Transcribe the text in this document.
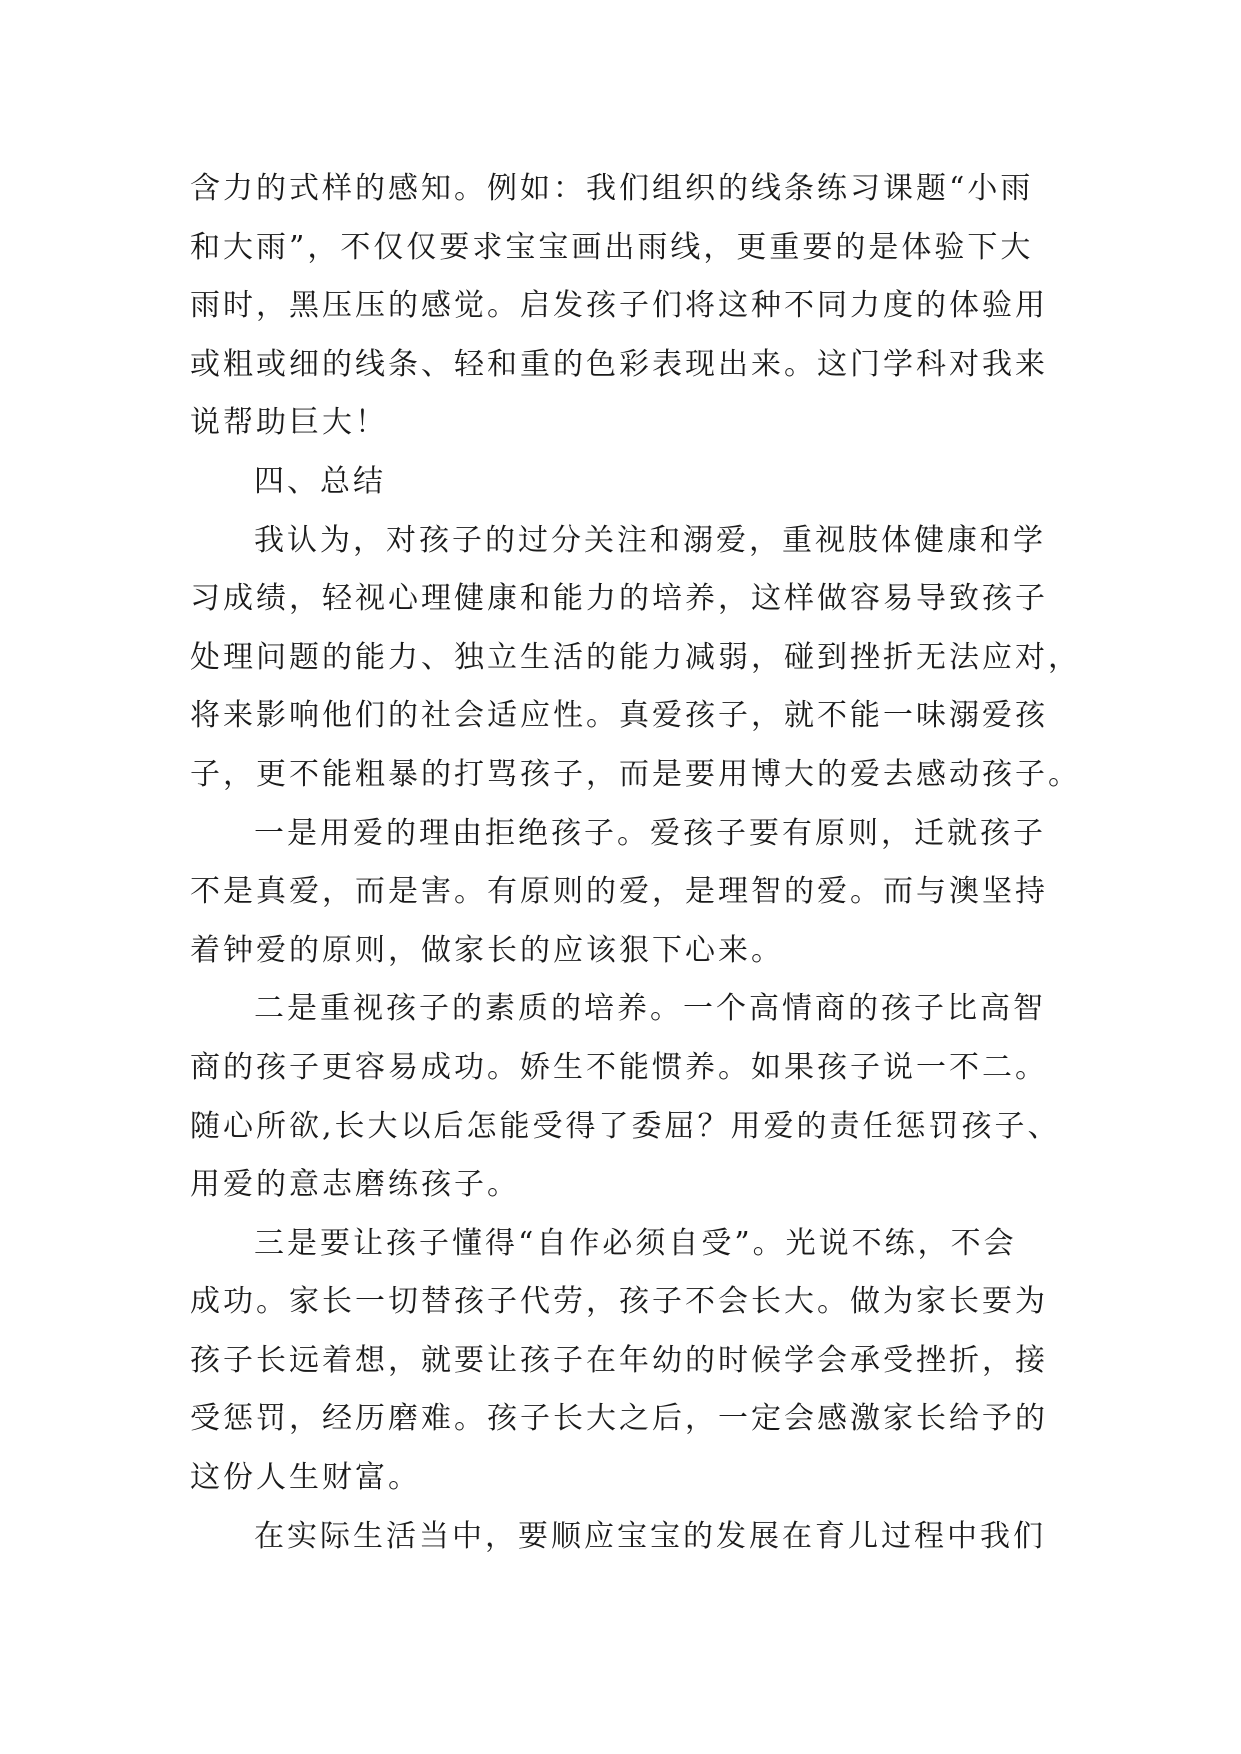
含力的式样的感知。例如：我们组织的线条练习课题“小雨
和大雨”，不仅仅要求宝宝画出雨线，更重要的是体验下大
雨时，黑压压的感觉。启发孩子们将这种不同力度的体验用
或粗或细的线条、轻和重的色彩表现出来。这门学科对我来
说帮助巨大！
四、总结
我认为，对孩子的过分关注和溺爱，重视肢体健康和学
习成绩，轻视心理健康和能力的培养，这样做容易导致孩子
处理问题的能力、独立生活的能力减弱，碰到挫折无法应对，
将来影响他们的社会适应性。真爱孩子，就不能一味溺爱孩
子，更不能粗暴的打骂孩子，而是要用博大的爱去感动孩子。
一是用爱的理由拒绝孩子。爱孩子要有原则，迁就孩子
不是真爱，而是害。有原则的爱，是理智的爱。而与澳坚持
着钟爱的原则，做家长的应该狠下心来。
二是重视孩子的素质的培养。一个高情商的孩子比高智
商的孩子更容易成功。娇生不能惯养。如果孩子说一不二。
随心所欲,长大以后怎能受得了委屈？用爱的责任惩罚孩子、
用爱的意志磨练孩子。
三是要让孩子懂得“自作必须自受”。光说不练，不会
成功。家长一切替孩子代劳，孩子不会长大。做为家长要为
孩子长远着想，就要让孩子在年幼的时候学会承受挫折，接
受惩罚，经历磨难。孩子长大之后，一定会感激家长给予的
这份人生财富。
在实际生活当中，要顺应宝宝的发展在育儿过程中我们
